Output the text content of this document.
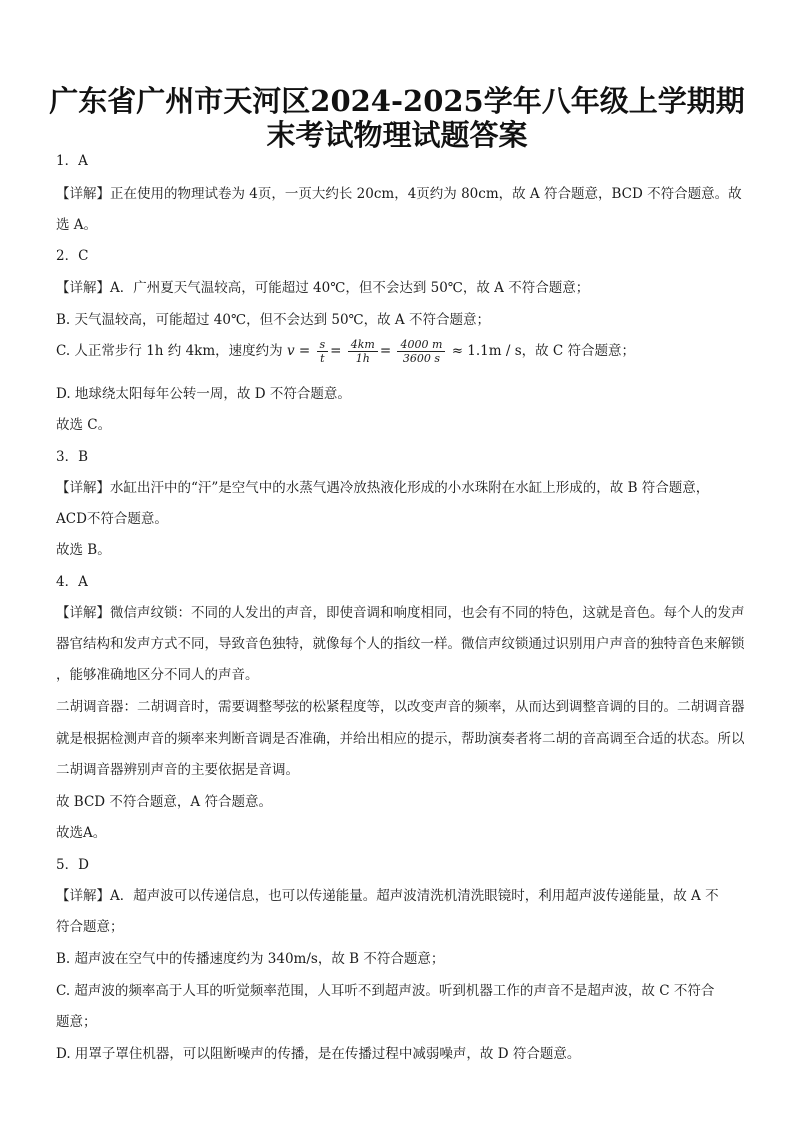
广东省广州市天河区2024-2025学年八年级上学期期
末考试物理试题答案
1．A
【详解】正在使用的物理试卷为 4页，一页大约长 20cm，4页约为 80cm，故 A 符合题意，BCD 不符合题意。故
选 A。
2．C
【详解】A．广州夏天气温较高，可能超过 40℃，但不会达到 50℃，故 A 不符合题意；
B. 天气温较高，可能超过 40℃，但不会达到 50℃，故 A 不符合题意；
C. 人正常步行 1h 约 4km，速度约为 $v = \frac{s}{t} = \frac{4km}{1h} = \frac{4000 m}{3600 s} \approx 1.1m / s$，故 C 符合题意；
D. 地球绕太阳每年公转一周，故 D 不符合题意。
故选 C。
3．B
【详解】水缸出汗中的“汗”是空气中的水蒸气遇冷放热液化形成的小水珠附在水缸上形成的，故 B 符合题意，
ACD不符合题意。
故选 B。
4．A
【详解】微信声纹锁：不同的人发出的声音，即使音调和响度相同，也会有不同的特色，这就是音色。每个人的发声
器官结构和发声方式不同，导致音色独特，就像每个人的指纹一样。微信声纹锁通过识别用户声音的独特音色来解锁
，能够准确地区分不同人的声音。
二胡调音器：二胡调音时，需要调整琴弦的松紧程度等，以改变声音的频率，从而达到调整音调的目的。二胡调音器
就是根据检测声音的频率来判断音调是否准确，并给出相应的提示，帮助演奏者将二胡的音高调至合适的状态。所以
二胡调音器辨别声音的主要依据是音调。
故 BCD 不符合题意，A 符合题意。
故选A。
5．D
【详解】A．超声波可以传递信息，也可以传递能量。超声波清洗机清洗眼镜时，利用超声波传递能量，故 A 不
符合题意；
B. 超声波在空气中的传播速度约为 340m/s，故 B 不符合题意；
C. 超声波的频率高于人耳的听觉频率范围，人耳听不到超声波。听到机器工作的声音不是超声波，故 C 不符合
题意；
D. 用罩子罩住机器，可以阻断噪声的传播，是在传播过程中减弱噪声，故 D 符合题意。
